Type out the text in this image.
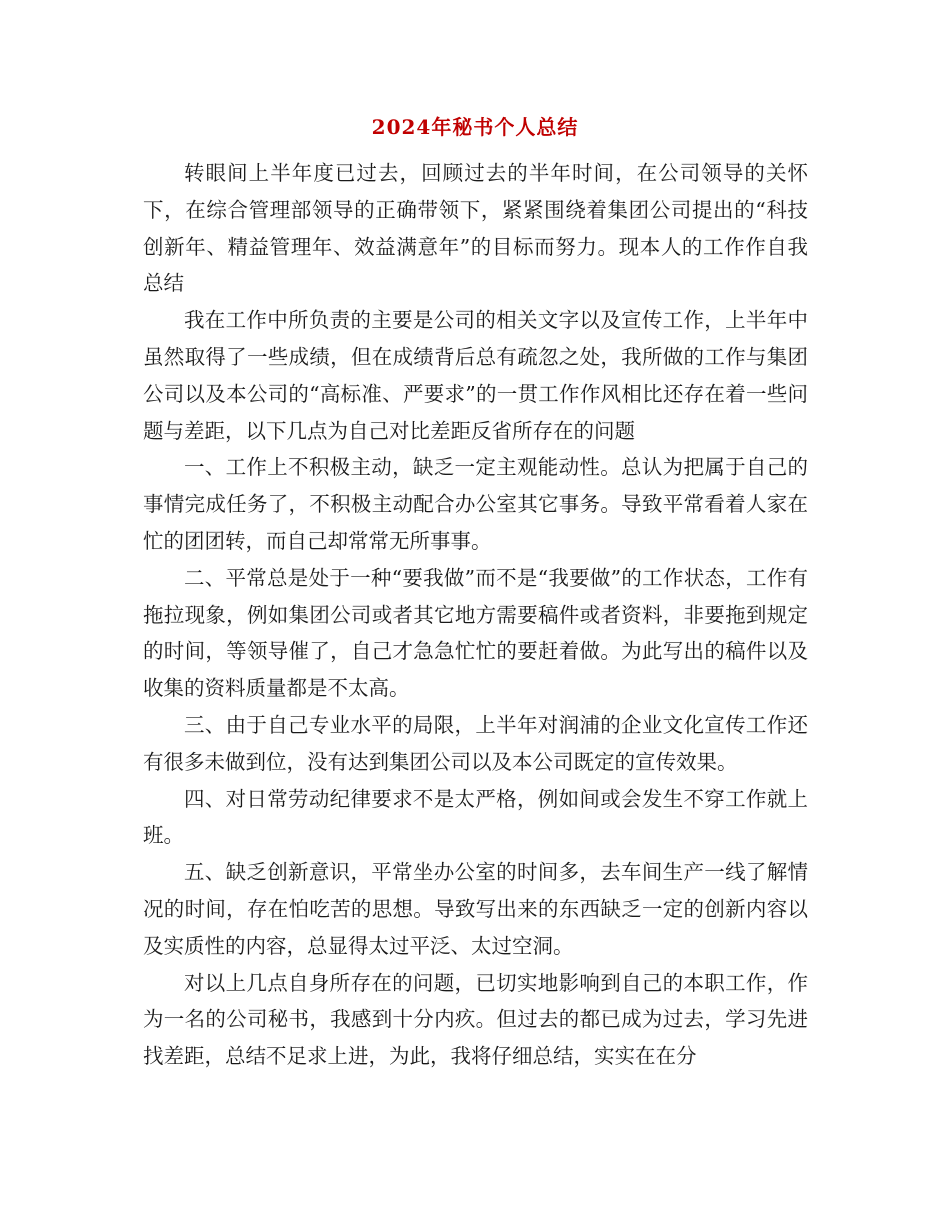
2024年秘书个人总结

转眼间上半年度已过去，回顾过去的半年时间，在公司领导的关怀下，在综合管理部领导的正确带领下，紧紧围绕着集团公司提出的“科技创新年、精益管理年、效益满意年”的目标而努力。现本人的工作作自我总结

我在工作中所负责的主要是公司的相关文字以及宣传工作，上半年中虽然取得了一些成绩，但在成绩背后总有疏忽之处，我所做的工作与集团公司以及本公司的“高标准、严要求”的一贯工作作风相比还存在着一些问题与差距，以下几点为自己对比差距反省所存在的问题

一、工作上不积极主动，缺乏一定主观能动性。总认为把属于自己的事情完成任务了，不积极主动配合办公室其它事务。导致平常看着人家在忙的团团转，而自己却常常无所事事。

二、平常总是处于一种“要我做”而不是“我要做”的工作状态，工作有拖拉现象，例如集团公司或者其它地方需要稿件或者资料，非要拖到规定的时间，等领导催了，自己才急急忙忙的要赶着做。为此写出的稿件以及收集的资料质量都是不太高。

三、由于自己专业水平的局限，上半年对润浦的企业文化宣传工作还有很多未做到位，没有达到集团公司以及本公司既定的宣传效果。

四、对日常劳动纪律要求不是太严格，例如间或会发生不穿工作就上班。

五、缺乏创新意识，平常坐办公室的时间多，去车间生产一线了解情况的时间，存在怕吃苦的思想。导致写出来的东西缺乏一定的创新内容以及实质性的内容，总显得太过平泛、太过空洞。

对以上几点自身所存在的问题，已切实地影响到自己的本职工作，作为一名的公司秘书，我感到十分内疚。但过去的都已成为过去，学习先进找差距，总结不足求上进，为此，我将仔细总结，实实在在分
